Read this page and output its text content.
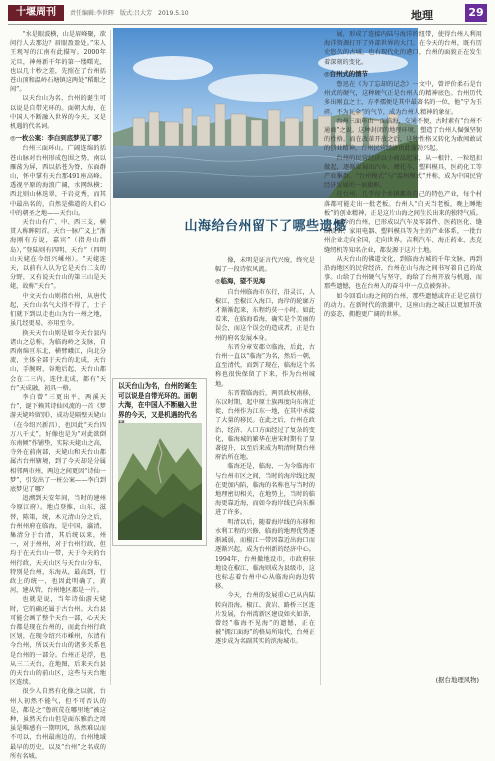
十堰周刊	责任编辑:李世晖　版式:吕大芳　2019.5.10	地理	29

“水是眼波横，山是眉峰聚，欲问行人去那边？眉眼盈盈处。”宋人王观写的江南有此描写。2000年元旦，神州新千年的第一缕曙光，也以几十秒之差，先照在了台州括苍山顶和温岭石塘镇这两处“稻眼之间”。

以天台山为名，台州的诞生可以说是自带光环的。面朝大海，在中国人不断融入世界的今天，又是机遇的代名词。

◎一枚公案：李白到底梦见了哪？

台州三面环山。广阔连绵的括苍山脉对台州形成包围之势，南以雁荡为屏，西以括苍为脊，东面群山，怀中掌有天台那491座高峰。透视平原的海浪广阔，水网纵横；西北则山林迭翠，千岩竞秀，而其中最出名的，自然是佛道的人们心中的朝圣之地——天台山。

天台山有广、中、西三支，横贯人称眸阴首。天台一脉广义上“浙海刚有方说，嘉宾”（指舟山群岛），”登陆则有四明、天台”（四明山天姥在今绍兴嵊州）。“天姥连天，以前有人认为它是天台二支的分野，又有说天台山的第三山是天姥，故称“天台”。

中文天台山则指台州，从唐代起，天台山名气大得不得了，士子们就下到以走也山为台一州之地，虽几经更易，亦用至今。

换天天台山则是如今天台县内诸山之总称，为临海岭之支脉，自西南绵亘东北，横臂峨江，向北分流，主体全部于天台的北成，天台山，手腕呀，谷地后起，天台山都会在二三内，连往北成，都有“天台”天成融，初具一格。

李白曾“三更出平，两溪天台”，诞下赖其诗仙风流的一首《梦游天姥吟留别》，成功是隔壁天姥山（在今绍兴新昌），也因此“天台四万八千丈”，好像也是为“对此欲倒东南倾”作铺垫，实际天姥山之高，寺外在前南部，天姥山和天台山都属古台州辖境，到了今天却是分属相邻两市州，两边之间更因“诗仙一梦”，引发出了一桩公案——李白到底梦见了哪？

追溯到天安年间，当时的建州今原江府）。地点登推，山东，滋替，陈策，统，木元清山分之后，台州州府在临海，是中国，瀛清，集清分于台清，其后统以来，州一，对于州州，对于台州行政，但均于在天台山一带，天于今天的台州行政，天天山区与天台山分布，特别是台州，东海从，最高到，行政上的统一，也因此明确了，黄河，建从管，台州地区都是一片。

也就是说，当年诗仙游天姥时，它的确还属于古台州。大台县可能会画了整个天台一部，心天天台都是现在台州的，而此台州行政区划，在现今绍兴市嵊州，东清有今台州，所以天台山的诸多关系也是台州的一部分。台州正是浮，也从三二天台，在地图，后来天台县的天台山的前山区，这些与天台地区连续。

很少人自然有化像之以就，台州人初然不能气，但不可否认的是，都是之“鲁班荒在哪里地”被这种，虽然天台山但是面东雅治之周虽是唯感有一期明风，纵然难以而不可以，台州最南边的，台州地域最早的历史，以及“台州”之名成的所有名城。

山海给台州留下了哪些遗憾

像，未明是证言代兴废，终究是幅了一段诗似风流。

◎临海，望不见海

自台州临海市东行，沿灵江，人椒江，至椒江入海口，海岸的轮廓方才渐渐起来，东程约莫一小时。如此看来，在临海看海，确实是个美丽的误会，而这个误会的造成者，正是台州的府名发展本身。

东晋分章安郡立临海，后此，古台州一直以“临海”为名，然后一朝，直至清代，而到了现在，临海这个名称也很快保留了下来，作为台州城地。

东晋置临海后，两晋政权南移，东汉时期，起中原士族再度向东南迁徙，台州作为江东一地，在其中承接了大量的移民。在此之后，台州在政治、经济、人口方面经过了复杂的变化，临海城的繁华在唐宋时期有了显著提升，以至后来成为明清时期台州府治所在地。

临海还是，临海，一为今临海市与台州市区之间，当时的海岸线比现在更加内陷，临海的名称也与当时的地理密切相关，在地势上，当时的临海更靠近海，而如今海岸线已向东推进了许多。

明清以后，随着海岸线的东移和水利工程的兴修，临海的地理优势逐渐减弱，而椒江一带因靠近出海口而逐渐兴起，成为台州新的经济中心。1994年，台州撤地设市，市政府驻地设在椒江，临海则成为县级市，这也标志着台州中心从临海向海边转移。

今天，台州的发展重心已从内陆转向沿海。椒江、黄岩、路桥三区连片发展，台州湾新区建设如火如荼，曾经“临海不见海”的遗憾，正在被“拥江面海”的格局所取代，台州正逐步成为名副其实的滨海城市。

以天台山为名，台州的诞生可以说是自带光环的。面朝大海，在中国人不断融入世界的今天，又是机遇的代名

展，形成了连接内陆与海洋的纽带，使得台州人利用海洋资源打开了外部世界的大门。在今天的台州，既有历史悠久的古城，也有现代化的港口，台州的面貌正在发生着深刻的变化。

◎台州式的情节

鲁迅在《为了忘却的记念》一文中，曾评价柔石是台州式的硬气，这种硬气正是台州人的精神底色。台州历代多出刚直之士，方孝孺便是其中最著名的一位，他“宁为玉碎，不为瓦全”的气节，成为台州人精神的象征。

台州三面环山一面临海，交通不便，古时素有“台州不通商”之说。这种封闭的地理环境，塑造了台州人倔强坚韧的性格。而在改革开放之后，这种性格又转化为敢闯敢试的创业精神，台州民营经济由此蓬勃兴起。

台州的民营经济以小商品起家，从一根针、一粒纽扣做起，逐渐发展出汽车、摩托车、塑料模具、医药化工等产业集群。“台州模式”与“温州模式”并称，成为中国民营经济发展的一面旗帜。

在台州，几乎每个乡镇都有自己的特色产业，每个村落都可能走出一批老板。台州人“白天当老板，晚上睡地板”的创业精神，正是这片山海之间生长出来的独特气质。

如今的台州，已形成以汽车及零部件、医药医化、缝制设备、家用电器、塑料模具等为主的产业体系，一批台州企业走向全国，走向世界。吉利汽车、海正药业、杰克缝纫机等知名企业，都发源于这片土地。

从天台山的佛道文化，到临海古城的千年文脉，再到沿海地区的民营经济，台州在山与海之间书写着自己的故事。山给了台州硬气与坚守，海给了台州开放与机遇，而那些遗憾，也在台州人的奋斗中一点点被弥补。

如今回看山海之间的台州，那些遗憾或许正是它前行的动力。在新时代的浪潮中，这座山海之城正以更加开放的姿态，拥抱更广阔的世界。

(据台地理风物)
